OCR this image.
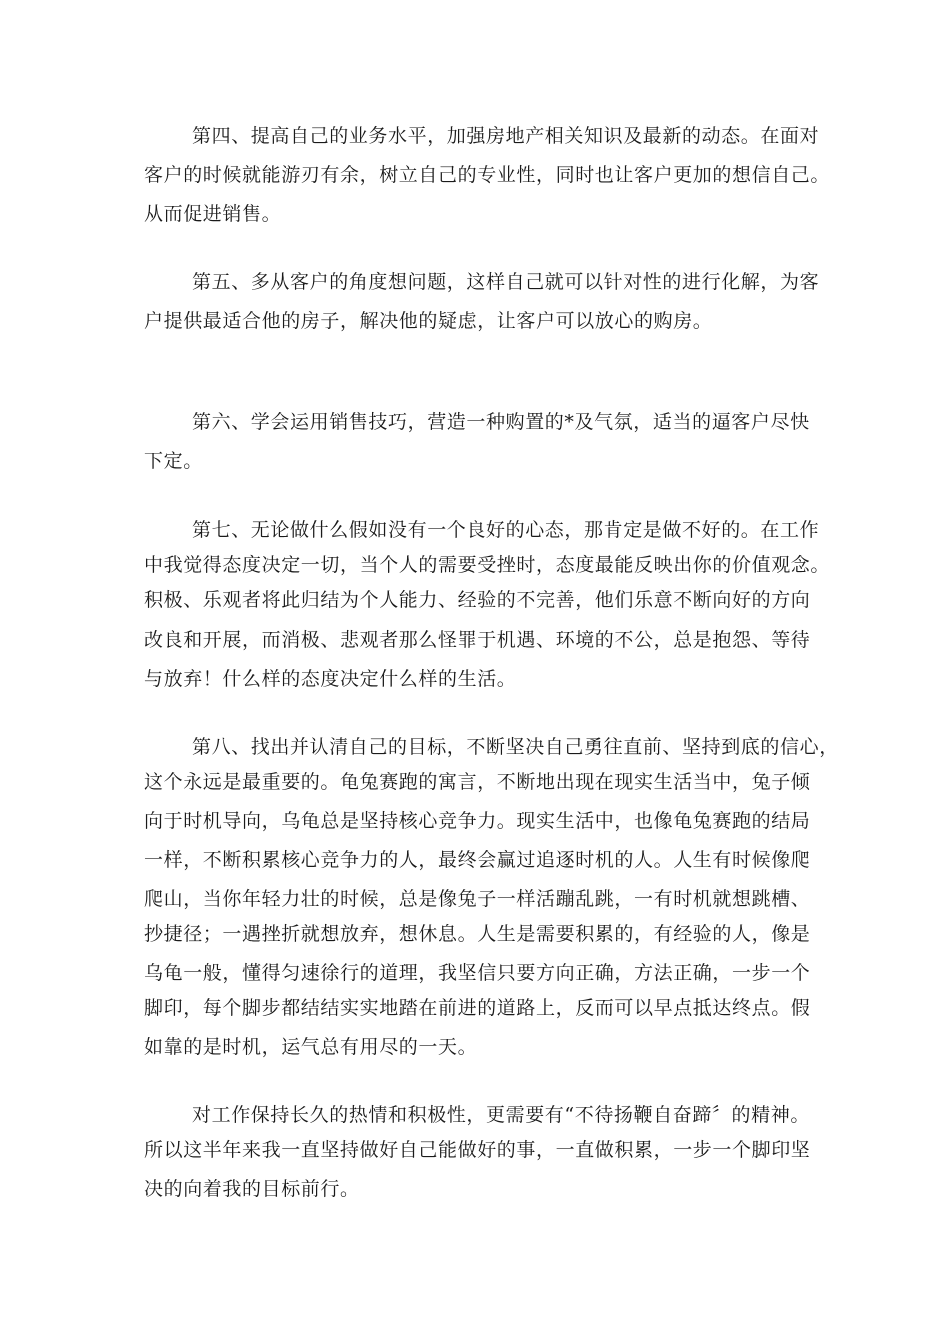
第四、提高自己的业务水平，加强房地产相关知识及最新的动态。在面对
客户的时候就能游刃有余，树立自己的专业性，同时也让客户更加的想信自己。
从而促进销售。
第五、多从客户的角度想问题，这样自己就可以针对性的进行化解，为客
户提供最适合他的房子，解决他的疑虑，让客户可以放心的购房。
第六、学会运用销售技巧，营造一种购置的*及气氛，适当的逼客户尽快
下定。
第七、无论做什么假如没有一个良好的心态，那肯定是做不好的。在工作
中我觉得态度决定一切，当个人的需要受挫时，态度最能反映出你的价值观念。
积极、乐观者将此归结为个人能力、经验的不完善，他们乐意不断向好的方向
改良和开展，而消极、悲观者那么怪罪于机遇、环境的不公，总是抱怨、等待
与放弃！什么样的态度决定什么样的生活。
第八、找出并认清自己的目标，不断坚决自己勇往直前、坚持到底的信心，
这个永远是最重要的。龟兔赛跑的寓言，不断地出现在现实生活当中，兔子倾
向于时机导向，乌龟总是坚持核心竞争力。现实生活中，也像龟兔赛跑的结局
一样，不断积累核心竞争力的人，最终会赢过追逐时机的人。人生有时候像爬
爬山，当你年轻力壮的时候，总是像兔子一样活蹦乱跳，一有时机就想跳槽、
抄捷径；一遇挫折就想放弃，想休息。人生是需要积累的，有经验的人，像是
乌龟一般，懂得匀速徐行的道理，我坚信只要方向正确，方法正确，一步一个
脚印，每个脚步都结结实实地踏在前进的道路上，反而可以早点抵达终点。假
如靠的是时机，运气总有用尽的一天。
对工作保持长久的热情和积极性，更需要有“不待扬鞭自奋蹄〞的精神。
所以这半年来我一直坚持做好自己能做好的事，一直做积累，一步一个脚印坚
决的向着我的目标前行。
